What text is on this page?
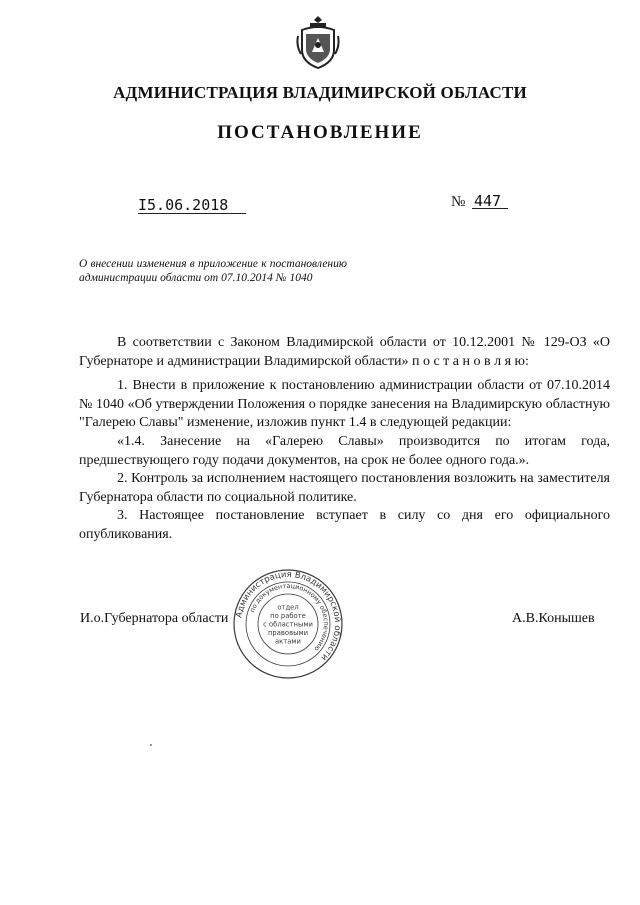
АДМИНИСТРАЦИЯ ВЛАДИМИРСКОЙ ОБЛАСТИ
ПОСТАНОВЛЕНИЕ
I5.06.2018	№ 447
О внесении изменения в приложение к постановлению администрации области от 07.10.2014 № 1040

В соответствии с Законом Владимирской области от 10.12.2001 № 129-ОЗ «О Губернаторе и администрации Владимирской области» п о с т а н о в л я ю:

1. Внести в приложение к постановлению администрации области от 07.10.2014 № 1040 «Об утверждении Положения о порядке занесения на Владимирскую областную "Галерею Славы" изменение, изложив пункт 1.4 в следующей редакции:

«1.4. Занесение на «Галерею Славы» производится по итогам года, предшествующего году подачи документов, на срок не более одного года.».

2. Контроль за исполнением настоящего постановления возложить на заместителя Губернатора области по социальной политике.

3. Настоящее постановление вступает в силу со дня его официального опубликования.

И.о.Губернатора области	А.В.Конышев
Администрация Владимирской области
по документационному обеспечению
отдел
по работе
с областными
правовыми
актами
